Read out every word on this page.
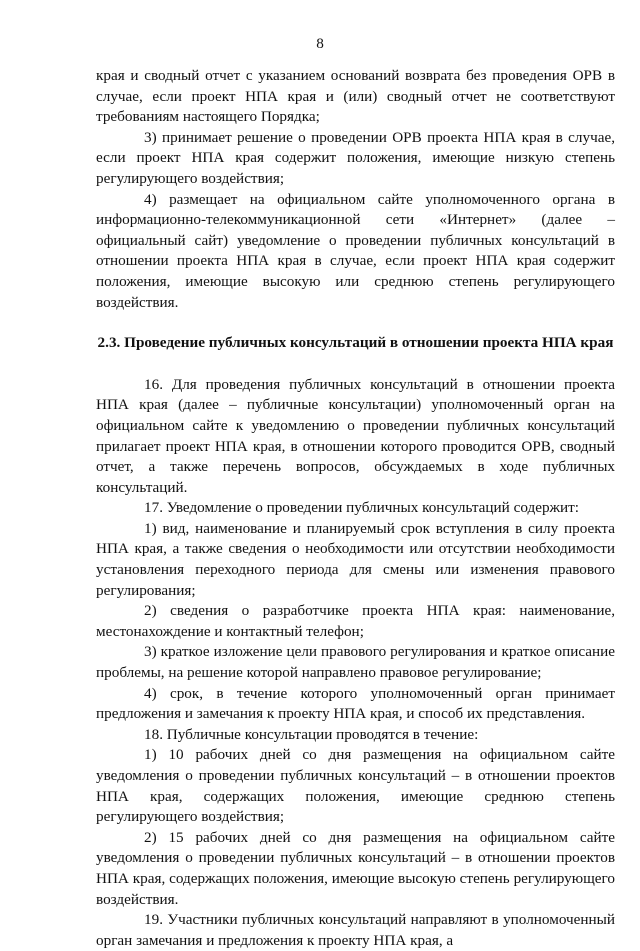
8

края и сводный отчет с указанием оснований возврата без проведения ОРВ в случае, если проект НПА края и (или) сводный отчет не соответствуют требованиям настоящего Порядка;

3) принимает решение о проведении ОРВ проекта НПА края в случае, если проект НПА края содержит положения, имеющие низкую степень регулирующего воздействия;

4) размещает на официальном сайте уполномоченного органа в информационно-телекоммуникационной сети «Интернет» (далее – официальный сайт) уведомление о проведении публичных консультаций в отношении проекта НПА края в случае, если проект НПА края содержит положения, имеющие высокую или среднюю степень регулирующего воздействия.

2.3. Проведение публичных консультаций в отношении проекта НПА края

16. Для проведения публичных консультаций в отношении проекта НПА края (далее – публичные консультации) уполномоченный орган на официальном сайте к уведомлению о проведении публичных консультаций прилагает проект НПА края, в отношении которого проводится ОРВ, сводный отчет, а также перечень вопросов, обсуждаемых в ходе публичных консультаций.

17. Уведомление о проведении публичных консультаций содержит:

1) вид, наименование и планируемый срок вступления в силу проекта НПА края, а также сведения о необходимости или отсутствии необходимости установления переходного периода для смены или изменения правового регулирования;

2) сведения о разработчике проекта НПА края: наименование, местонахождение и контактный телефон;

3) краткое изложение цели правового регулирования и краткое описание проблемы, на решение которой направлено правовое регулирование;

4) срок, в течение которого уполномоченный орган принимает предложения и замечания к проекту НПА края, и способ их представления.

18. Публичные консультации проводятся в течение:

1) 10 рабочих дней со дня размещения на официальном сайте уведомления о проведении публичных консультаций – в отношении проектов НПА края, содержащих положения, имеющие среднюю степень регулирующего воздействия;

2) 15 рабочих дней со дня размещения на официальном сайте уведомления о проведении публичных консультаций – в отношении проектов НПА края, содержащих положения, имеющие высокую степень регулирующего воздействия.

19. Участники публичных консультаций направляют в уполномоченный орган замечания и предложения к проекту НПА края, а
